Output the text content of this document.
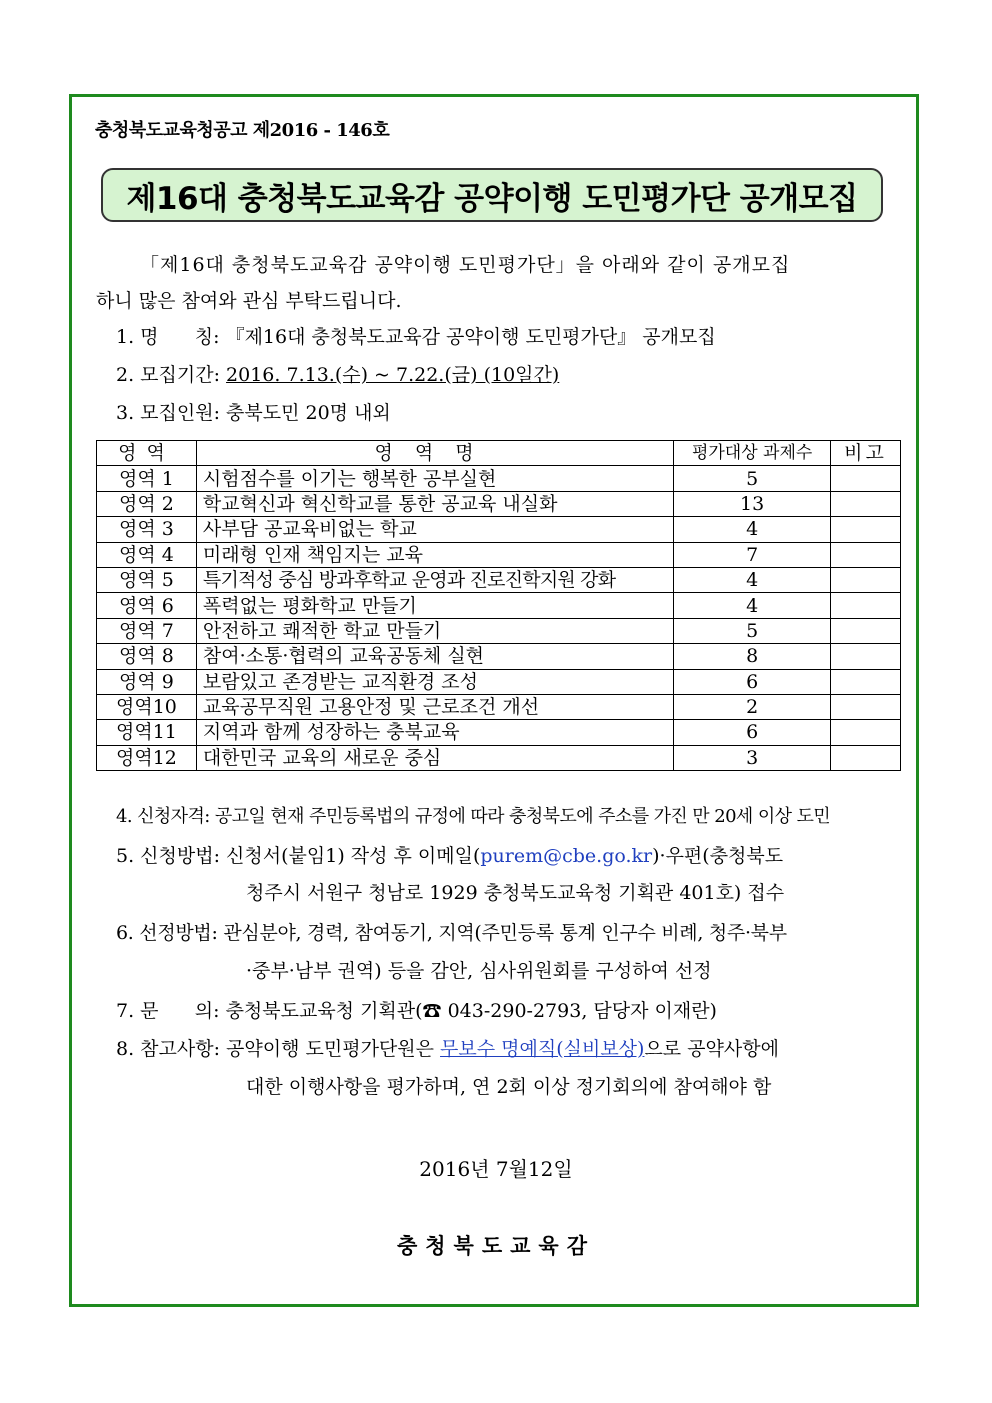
충청북도교육청공고 제2016 - 146호
제16대 충청북도교육감 공약이행 도민평가단 공개모집
「제16대 충청북도교육감 공약이행 도민평가단」을 아래와 같이 공개모집
하니 많은 참여와 관심 부탁드립니다.
1. 명      칭: 『제16대 충청북도교육감 공약이행 도민평가단』 공개모집
2. 모집기간: 2016. 7.13.(수) ~ 7.22.(금) (10일간)
3. 모집인원: 충북도민 20명 내외
영역	영역명	평가대상 과제수	비고
영역 1	시험점수를 이기는 행복한 공부실현	5	
영역 2	학교혁신과 혁신학교를 통한 공교육 내실화	13	
영역 3	사부담 공교육비없는 학교	4	
영역 4	미래형 인재 책임지는 교육	7	
영역 5	특기적성 중심 방과후학교 운영과 진로진학지원 강화	4	
영역 6	폭력없는 평화학교 만들기	4	
영역 7	안전하고 쾌적한 학교 만들기	5	
영역 8	참여·소통·협력의 교육공동체 실현	8	
영역 9	보람있고 존경받는 교직환경 조성	6	
영역10	교육공무직원 고용안정 및 근로조건 개선	2	
영역11	지역과 함께 성장하는 충북교육	6	
영역12	대한민국 교육의 새로운 중심	3	
4. 신청자격: 공고일 현재 주민등록법의 규정에 따라 충청북도에 주소를 가진 만 20세 이상 도민
5. 신청방법: 신청서(붙임1) 작성 후 이메일(purem@cbe.go.kr)·우편(충청북도
청주시 서원구 청남로 1929 충청북도교육청 기획관 401호) 접수
6. 선정방법: 관심분야, 경력, 참여동기, 지역(주민등록 통계 인구수 비례, 청주·북부
·중부·남부 권역) 등을 감안, 심사위원회를 구성하여 선정
7. 문      의: 충청북도교육청 기획관(☎ 043-290-2793, 담당자 이재란)
8. 참고사항: 공약이행 도민평가단원은 무보수 명예직(실비보상)으로 공약사항에
대한 이행사항을 평가하며, 연 2회 이상 정기회의에 참여해야 함
2016년 7월12일
충청북도교육감
